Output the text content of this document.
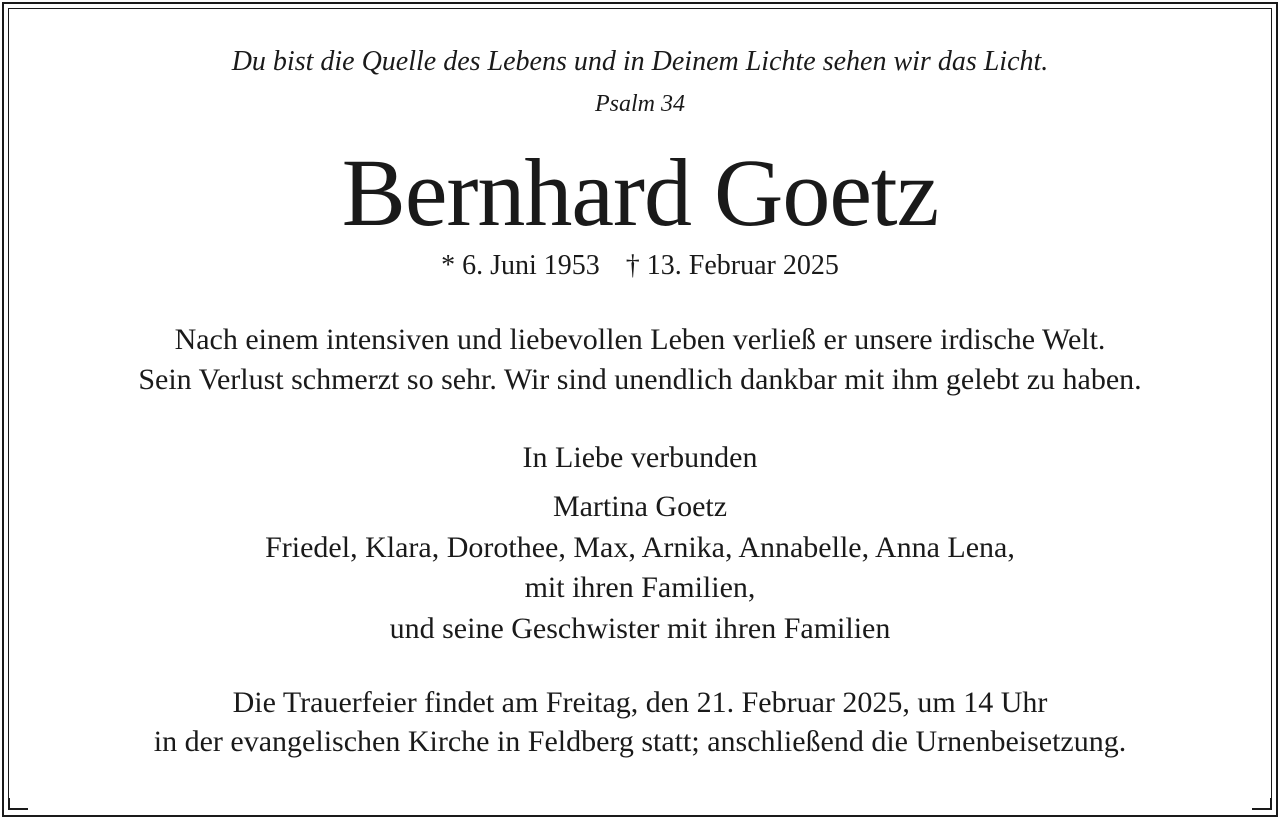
Du bist die Quelle des Lebens und in Deinem Lichte sehen wir das Licht.
Psalm 34
Bernhard Goetz
* 6. Juni 1953 † 13. Februar 2025
Nach einem intensiven und liebevollen Leben verließ er unsere irdische Welt.
Sein Verlust schmerzt so sehr. Wir sind unendlich dankbar mit ihm gelebt zu haben.
In Liebe verbunden
Martina Goetz
Friedel, Klara, Dorothee, Max, Arnika, Annabelle, Anna Lena,
mit ihren Familien,
und seine Geschwister mit ihren Familien
Die Trauerfeier findet am Freitag, den 21. Februar 2025, um 14 Uhr
in der evangelischen Kirche in Feldberg statt; anschließend die Urnenbeisetzung.
